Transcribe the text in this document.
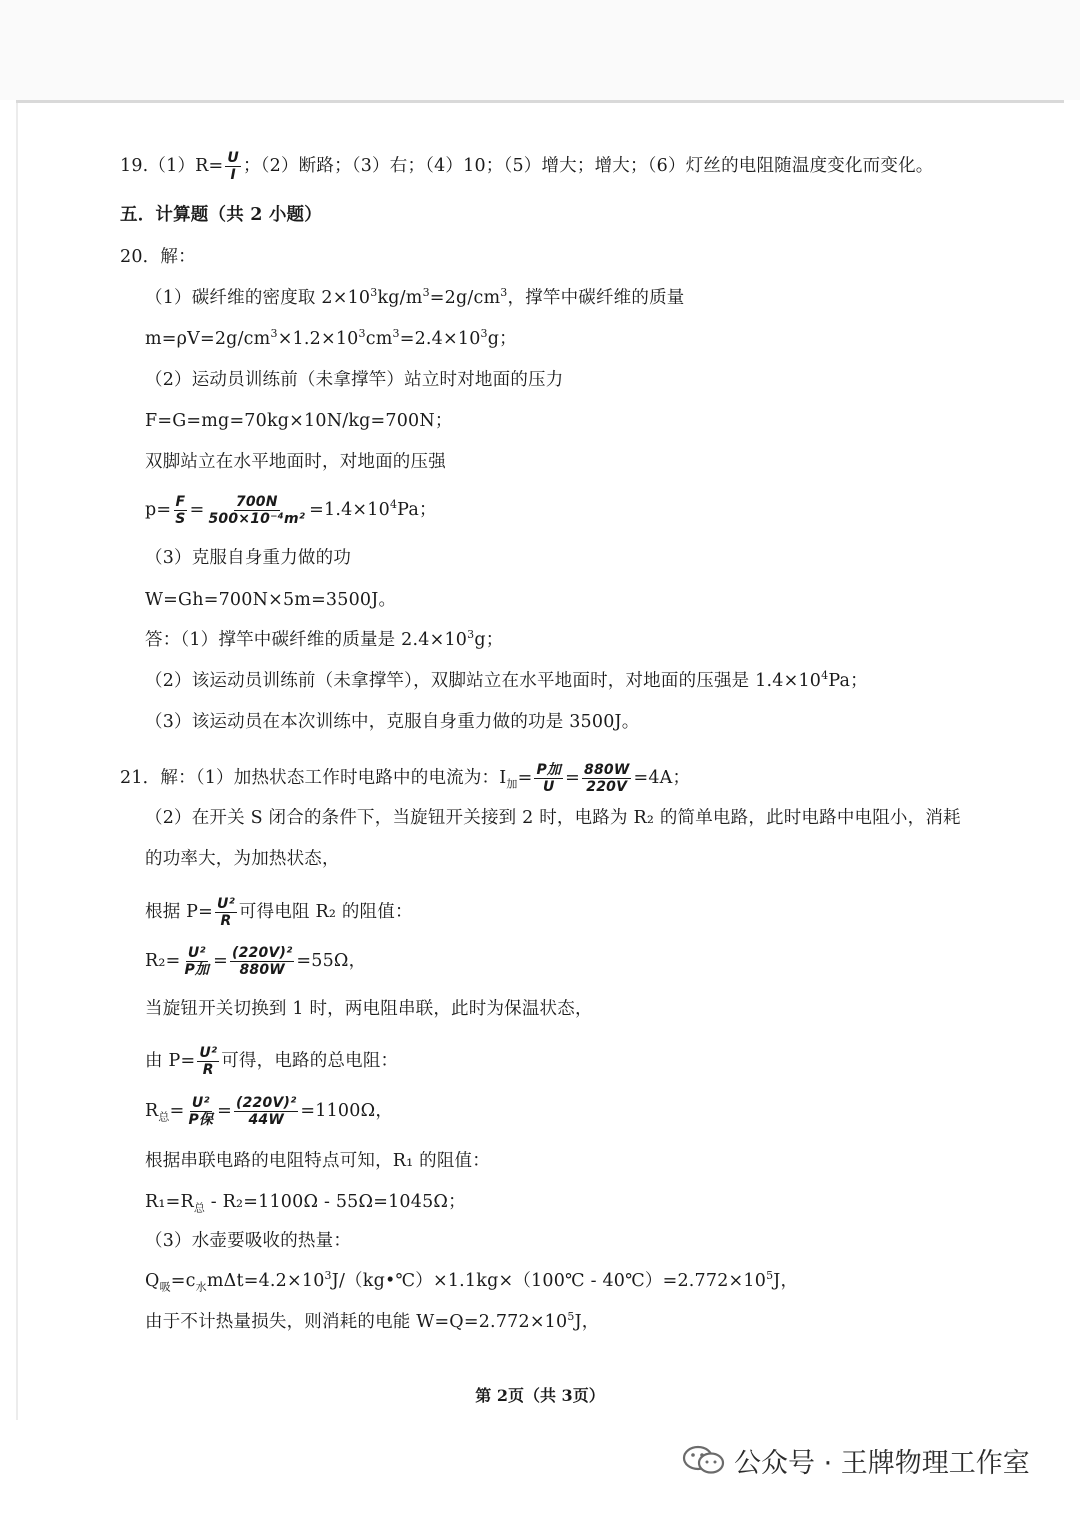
$19.(1)R= \frac{U}{I}$ ；（2）断路；（3）右；（4）10；（5）增大；增大；（6）灯丝的电阻随温度变化而变化。
五．计算题（共 2 小题）
20．解：
（1）碳纤维的密度取 $2\times 10^3kg/m^3=2g/cm^3$，撑竿中碳纤维的质量
$m=\rho V=2g/cm^3\times 1.2\times 10^3cm^3=2.4\times 10^3g$；
（2）运动员训练前（未拿撑竿）站立时对地面的压力
F=G=mg=70kg×10N/kg=700N；
双脚站立在水平地面时，对地面的压强
$p= \frac{F}{S} = \frac{700N}{\text{500×10⁻⁴m²}} =1.4\times 10^4Pa$；
（3）克服自身重力做的功
W=Gh=700N×5m=3500J。
答：（1）撑竿中碳纤维的质量是 $2.4\times 10^3g$；
（2）该运动员训练前（未拿撑竿），双脚站立在水平地面时，对地面的压强是 $1.4\times 10^4Pa$；
（3）该运动员在本次训练中，克服自身重力做的功是 3500J。
21．解：（1）加热状态工作时电路中的电流为：$I_加= \frac{\text{P加}}{U} = \frac{880W}{220V} =4A$；
（2）在开关 S 闭合的条件下，当旋钮开关接到 2 时，电路为 R₂ 的简单电路，此时电路中电阻小，消耗
的功率大，为加热状态，
根据 $P= \frac{\text{U²}}{R}$ 可得电阻 R₂ 的阻值：
$R_2= \frac{\text{U²}}{\text{P加}} = \frac{\text{(220V)²}}{880W} =55\Omega$，
当旋钮开关切换到 1 时，两电阻串联，此时为保温状态，
由 $P= \frac{\text{U²}}{R}$ 可得，电路的总电阻：
$R_总= \frac{\text{U²}}{\text{P保}} = \frac{\text{(220V)²}}{44W} =1100\Omega$，
根据串联电路的电阻特点可知，R₁ 的阻值：
$R_1=R_总 - R_2=1100\Omega - 55\Omega=1045\Omega$；
（3）水壶要吸收的热量：
$Q_吸=c_水m\Delta t=4.2\times 10^3J/(kg•℃)\times 1.1kg\times(100℃$ - $40℃)=2.772\times 10^5J$，
由于不计热量损失，则消耗的电能 $W=Q=2.772\times 10^5J$，
第 2页（共 3页）
公众号 · 王牌物理工作室
